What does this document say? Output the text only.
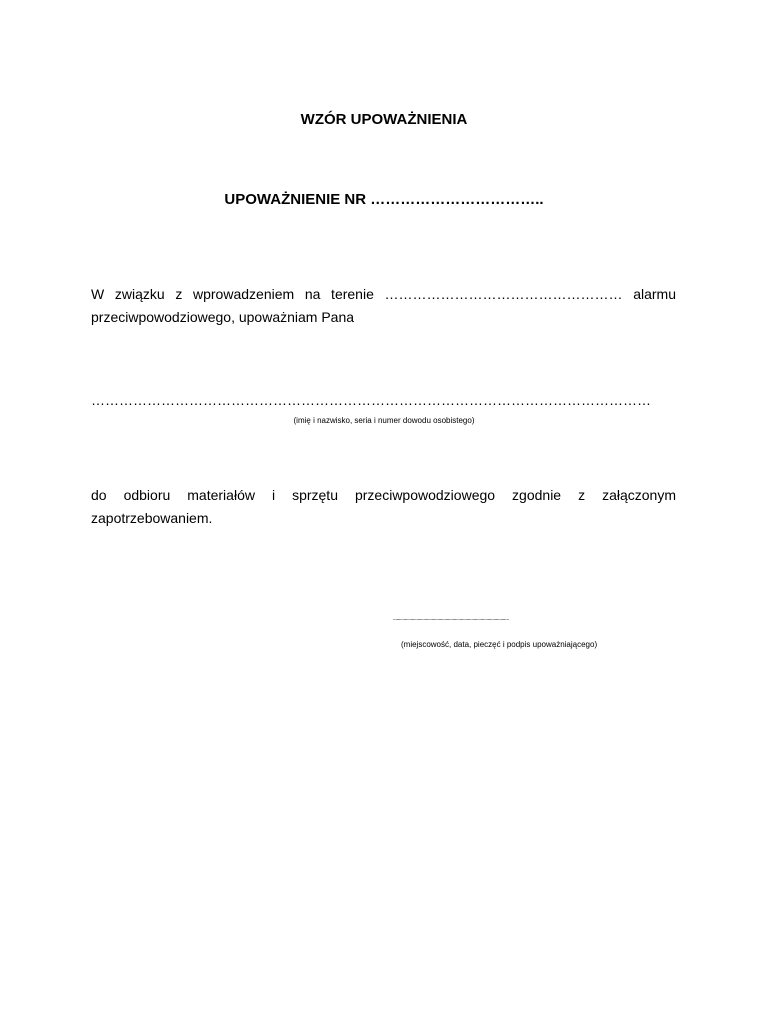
WZÓR UPOWAŻNIENIA
UPOWAŻNIENIE NR ……………………………..
W związku z wprowadzeniem na terenie …………………………………………… alarmu przeciwpowodziowego, upoważniam Pana
…………………………………………………………………………………………………………
(imię i nazwisko, seria i numer dowodu osobistego)
do odbioru materiałów i sprzętu przeciwpowodziowego zgodnie z załączonym zapotrzebowaniem.
...................................................................................................
(miejscowość, data, pieczęć i podpis upoważniającego)
